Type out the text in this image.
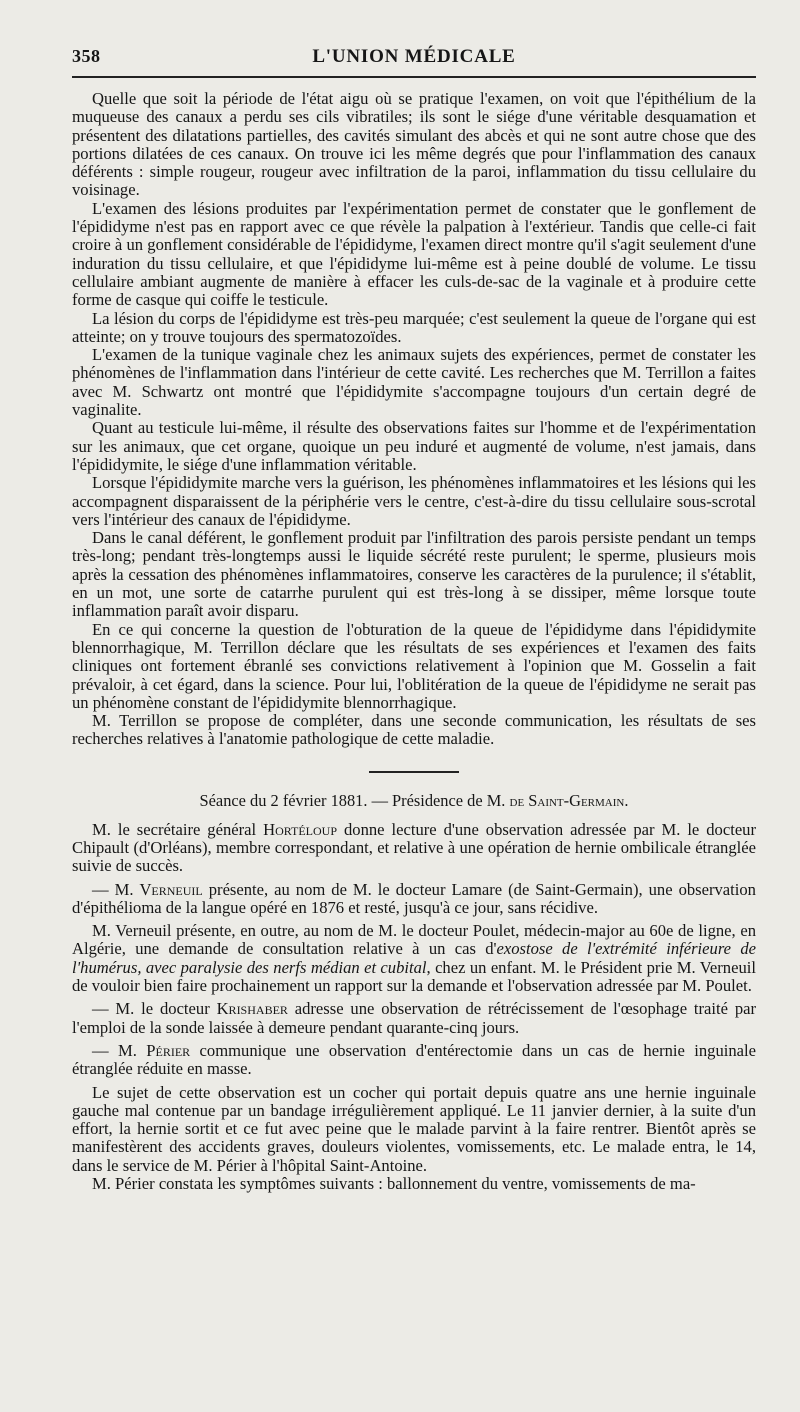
358	L'UNION MÉDICALE

Quelle que soit la période de l'état aigu où se pratique l'examen, on voit que l'épithélium de la muqueuse des canaux a perdu ses cils vibratiles; ils sont le siége d'une véritable desquamation et présentent des dilatations partielles, des cavités simulant des abcès et qui ne sont autre chose que des portions dilatées de ces canaux. On trouve ici les même degrés que pour l'inflammation des canaux déférents : simple rougeur, rougeur avec infiltration de la paroi, inflammation du tissu cellulaire du voisinage.

L'examen des lésions produites par l'expérimentation permet de constater que le gonflement de l'épididyme n'est pas en rapport avec ce que révèle la palpation à l'extérieur. Tandis que celle-ci fait croire à un gonflement considérable de l'épididyme, l'examen direct montre qu'il s'agit seulement d'une induration du tissu cellulaire, et que l'épididyme lui-même est à peine doublé de volume. Le tissu cellulaire ambiant augmente de manière à effacer les culs-de-sac de la vaginale et à produire cette forme de casque qui coiffe le testicule.

La lésion du corps de l'épididyme est très-peu marquée; c'est seulement la queue de l'organe qui est atteinte; on y trouve toujours des spermatozoïdes.

L'examen de la tunique vaginale chez les animaux sujets des expériences, permet de constater les phénomènes de l'inflammation dans l'intérieur de cette cavité. Les recherches que M. Terrillon a faites avec M. Schwartz ont montré que l'épididymite s'accompagne toujours d'un certain degré de vaginalite.

Quant au testicule lui-même, il résulte des observations faites sur l'homme et de l'expérimentation sur les animaux, que cet organe, quoique un peu induré et augmenté de volume, n'est jamais, dans l'épididymite, le siége d'une inflammation véritable.

Lorsque l'épididymite marche vers la guérison, les phénomènes inflammatoires et les lésions qui les accompagnent disparaissent de la périphérie vers le centre, c'est-à-dire du tissu cellulaire sous-scrotal vers l'intérieur des canaux de l'épididyme.

Dans le canal déférent, le gonflement produit par l'infiltration des parois persiste pendant un temps très-long; pendant très-longtemps aussi le liquide sécrété reste purulent; le sperme, plusieurs mois après la cessation des phénomènes inflammatoires, conserve les caractères de la purulence; il s'établit, en un mot, une sorte de catarrhe purulent qui est très-long à se dissiper, même lorsque toute inflammation paraît avoir disparu.

En ce qui concerne la question de l'obturation de la queue de l'épididyme dans l'épididymite blennorrhagique, M. Terrillon déclare que les résultats de ses expériences et l'examen des faits cliniques ont fortement ébranlé ses convictions relativement à l'opinion que M. Gosselin a fait prévaloir, à cet égard, dans la science. Pour lui, l'oblitération de la queue de l'épididyme ne serait pas un phénomène constant de l'épididymite blennorrhagique.

M. Terrillon se propose de compléter, dans une seconde communication, les résultats de ses recherches relatives à l'anatomie pathologique de cette maladie.

Séance du 2 février 1881. — Présidence de M. de Saint-Germain.

M. le secrétaire général Hortéloup donne lecture d'une observation adressée par M. le docteur Chipault (d'Orléans), membre correspondant, et relative à une opération de hernie ombilicale étranglée suivie de succès.

— M. Verneuil présente, au nom de M. le docteur Lamare (de Saint-Germain), une observation d'épithélioma de la langue opéré en 1876 et resté, jusqu'à ce jour, sans récidive.

M. Verneuil présente, en outre, au nom de M. le docteur Poulet, médecin-major au 60e de ligne, en Algérie, une demande de consultation relative à un cas d'exostose de l'extrémité inférieure de l'humérus, avec paralysie des nerfs médian et cubital, chez un enfant. M. le Président prie M. Verneuil de vouloir bien faire prochainement un rapport sur la demande et l'observation adressée par M. Poulet.

— M. le docteur Krishaber adresse une observation de rétrécissement de l'œsophage traité par l'emploi de la sonde laissée à demeure pendant quarante-cinq jours.

— M. Périer communique une observation d'entérectomie dans un cas de hernie inguinale étranglée réduite en masse.

Le sujet de cette observation est un cocher qui portait depuis quatre ans une hernie inguinale gauche mal contenue par un bandage irrégulièrement appliqué. Le 11 janvier dernier, à la suite d'un effort, la hernie sortit et ce fut avec peine que le malade parvint à la faire rentrer. Bientôt après se manifestèrent des accidents graves, douleurs violentes, vomissements, etc. Le malade entra, le 14, dans le service de M. Périer à l'hôpital Saint-Antoine.

M. Périer constata les symptômes suivants : ballonnement du ventre, vomissements de ma-
